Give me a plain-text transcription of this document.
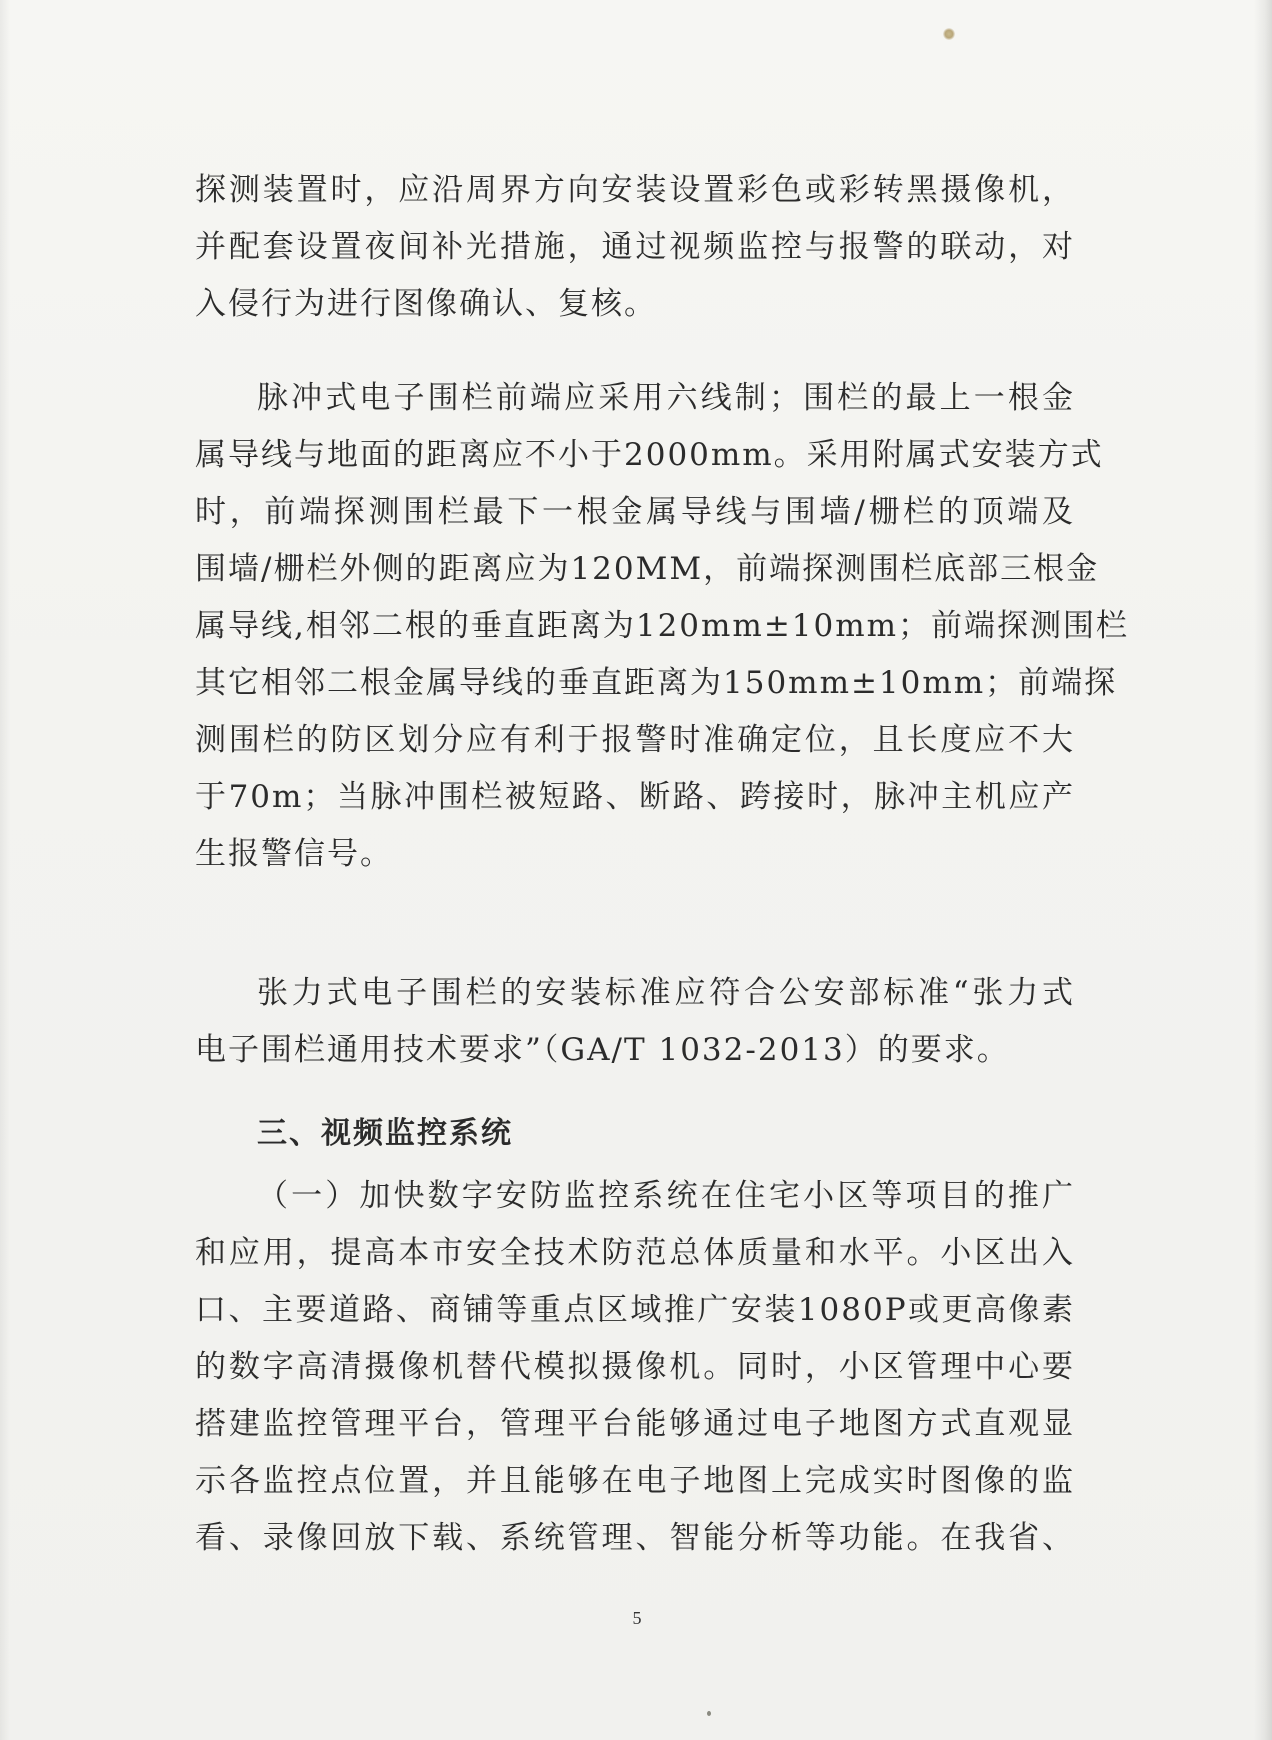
探测装置时，应沿周界方向安装设置彩色或彩转黑摄像机，
并配套设置夜间补光措施，通过视频监控与报警的联动，对
入侵行为进行图像确认、复核。
脉冲式电子围栏前端应采用六线制；围栏的最上一根金
属导线与地面的距离应不小于2000mm。采用附属式安装方式
时，前端探测围栏最下一根金属导线与围墙/栅栏的顶端及
围墙/栅栏外侧的距离应为120MM，前端探测围栏底部三根金
属导线,相邻二根的垂直距离为120mm±10mm；前端探测围栏
其它相邻二根金属导线的垂直距离为150mm±10mm；前端探
测围栏的防区划分应有利于报警时准确定位，且长度应不大
于70m；当脉冲围栏被短路、断路、跨接时，脉冲主机应产
生报警信号。
张力式电子围栏的安装标准应符合公安部标准“张力式
电子围栏通用技术要求”（GA/T 1032-2013）的要求。
三、视频监控系统
（一）加快数字安防监控系统在住宅小区等项目的推广
和应用，提高本市安全技术防范总体质量和水平。小区出入
口、主要道路、商铺等重点区域推广安装1080P或更高像素
的数字高清摄像机替代模拟摄像机。同时，小区管理中心要
搭建监控管理平台，管理平台能够通过电子地图方式直观显
示各监控点位置，并且能够在电子地图上完成实时图像的监
看、录像回放下载、系统管理、智能分析等功能。在我省、
5
